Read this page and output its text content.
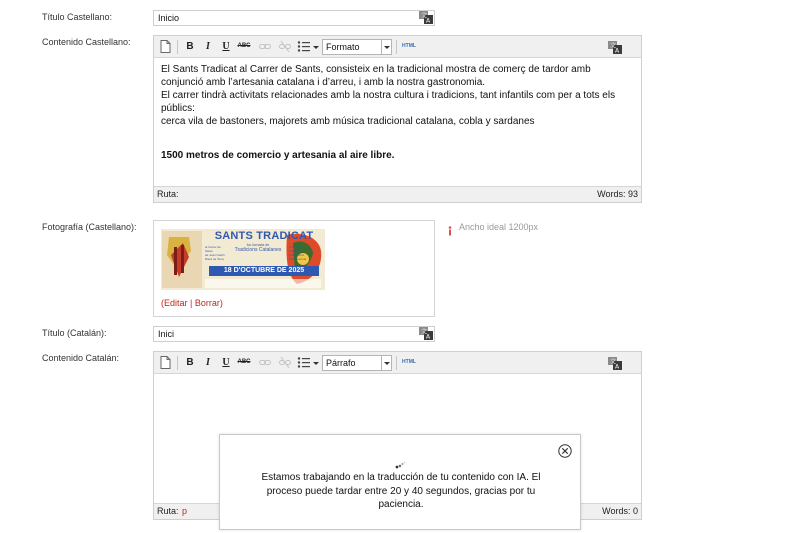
Título Castellano:	Inicio	文
A
Contenido Castellano:	B	I	U ABC	Formato	HTML	文
A

El Sants Tradicat al Carrer de Sants, consisteix en la tradicional mostra de comerç de tardor amb conjunció amb l’artesania catalana i d’arreu, i amb la nostra gastronomia.

El carrer tindrà activitats relacionades amb la nostra cultura i tradicions, tant infantils com per a tots els públics:

cerca vila de bastoners, majorets amb música tradicional catalana, cobla y sardanes

1500 metros de comercio y artesania al aire libre.

Ruta:	Words: 93
Fotografía (Castellano):
SANTS TRADICAT
6a Jornada de
Tradicions Catalanes
al Carrer de Sants
de Joan Güell i
Riera de Tena
Comerç i Artesania
Tradicional
Gastronomia
18 D'OCTUBRE DE 2025
(Editar | Borrar)
Ancho ideal 1200px
Título (Catalán):	Inici	文
A
Contenido Catalán:	B	I	U ABC	Párrafo	HTML	文
A
Ruta: p	Words: 0
Estamos trabajando en la traducción de tu contenido con IA. El proceso puede tardar entre 20 y 40 segundos, gracias por tu paciencia.
